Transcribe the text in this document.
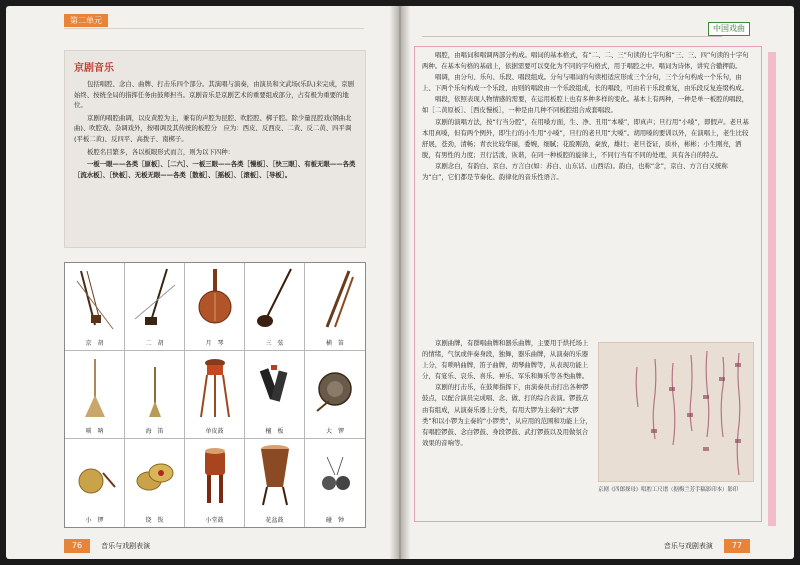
第二单元
京剧音乐

包括唱腔、念白、曲牌、打击乐四个部分。其演唱与演奏，由演员和文武场(乐队)来完成，京剧始终、按统全局的指挥任务由鼓师担当。京剧音乐是京剧艺术的重要组成部分，占有极为重要的地位。

京剧的唱腔曲调，以皮黄腔为主，兼有的声腔为昆腔、吹腔腔、梆子腔。除少量昆腔戏(钢曲北曲)、吹腔戏、杂调戏外，按唱调及其传统的板腔分　应为：西皮、反西皮、二黄、反二黄、四平调(平板二黄)、反四平、高拨子、南梆子。

板腔名目繁多，各以板眼形式而言，则为以下四种：

一板一眼——各类［原板］、［二六］、一板三眼——各类［慢板］、［快三眼］、有板无眼——各类［流水板］、［快板］、无板无眼——各类［散板］、［摇板］、［滚板］、［导板］。

京　胡	二　胡	月　琴	三　弦	横　笛
唢　呐	海　笛	单皮鼓	檀　板	大　锣
小　锣	铙　钹	小堂鼓	花盆鼓	碰　钟
76	音乐与戏剧表演
中国戏曲

唱腔，由唱词和唱调两部分构成。唱词的基本格式，有“二、二、三”句读的七字句和“三、三、四”句读的十字句两种。在基本句格的基础上，依据需要可以变化为不同的字句格式，用于唱腔之中。唱词为诗体，讲究合辙押韵。

唱调，由分句、乐句、乐段、唱段组成。分句与唱词的句读相适应形成三个分句，三个分句构成一个乐句，由上、下两个乐句构成一个乐段，由则的唱段由一个乐段组成，长的唱段，可由若干乐段重复，由乐段反复连缀构成。

唱段，依照表现人物情感的需要，在运用板腔上也有多种多样的变化。基本上有两种，一种是单一板腔的唱段，如［二黄原板］、［西皮慢板］，一种是由几种不同板腔组合成套唱段。

京剧的演唱方法，按“行当分腔”，在用嗓方面，生、净、丑用“本嗓”，即真声；旦行用“小嗓”，即假声。老旦基本用真嗓，但有两个例外，即生行的小生用“小嗓”，旦行的老旦用“大嗓”。胡用嗓的要训以外，在演唱上，老生比较舒展，苍劲，清畅；青衣比较华丽，委婉，细腻；花脸刚劲，豪放，雄壮；老旦苍证，质朴，彬彬；小生刚亮，洒脱，有男性的力度；丑行活泼，诙谐，在同一种板腔的旋律上，不同行当有不同的处理，具有各自的特点。

京剧念白，有韵白、京白、方言白(如：苏白、山东话、山西话)。韵白，也称“念”，京白、方言白又统称为“白”，它们都是节奏化、韵律化的音乐性语言。

京剧曲牌，有群唱曲牌和器乐曲牌，主要用于烘托场上的情绪，气氛或伴奏身段，独舞，器乐曲牌，从演奏的乐器上分，有唢呐曲牌，笛子曲牌，胡琴曲牌等，从表现功能上分，有宴乐、哀乐、喜乐、神乐、军乐和舞乐等各类曲牌。

京剧的打击乐，在鼓师指挥下，由演奏员击打出各种锣鼓点，以配合演员完成唱、念、做、打的综合表演。锣鼓点由有组成，从演奏乐器上分类，有用大锣为主奏的“大锣类”和以小锣为主奏的“小锣类”，从应用的范围和功能上分，有唱腔锣鼓、念白锣鼓、身段锣鼓、武打锣鼓以及用做氛合效果的音响等。

京剧《四郎探母》唱腔工尺谱（据梅兰芳手稿影印本）影印
音乐与戏剧表演 77
